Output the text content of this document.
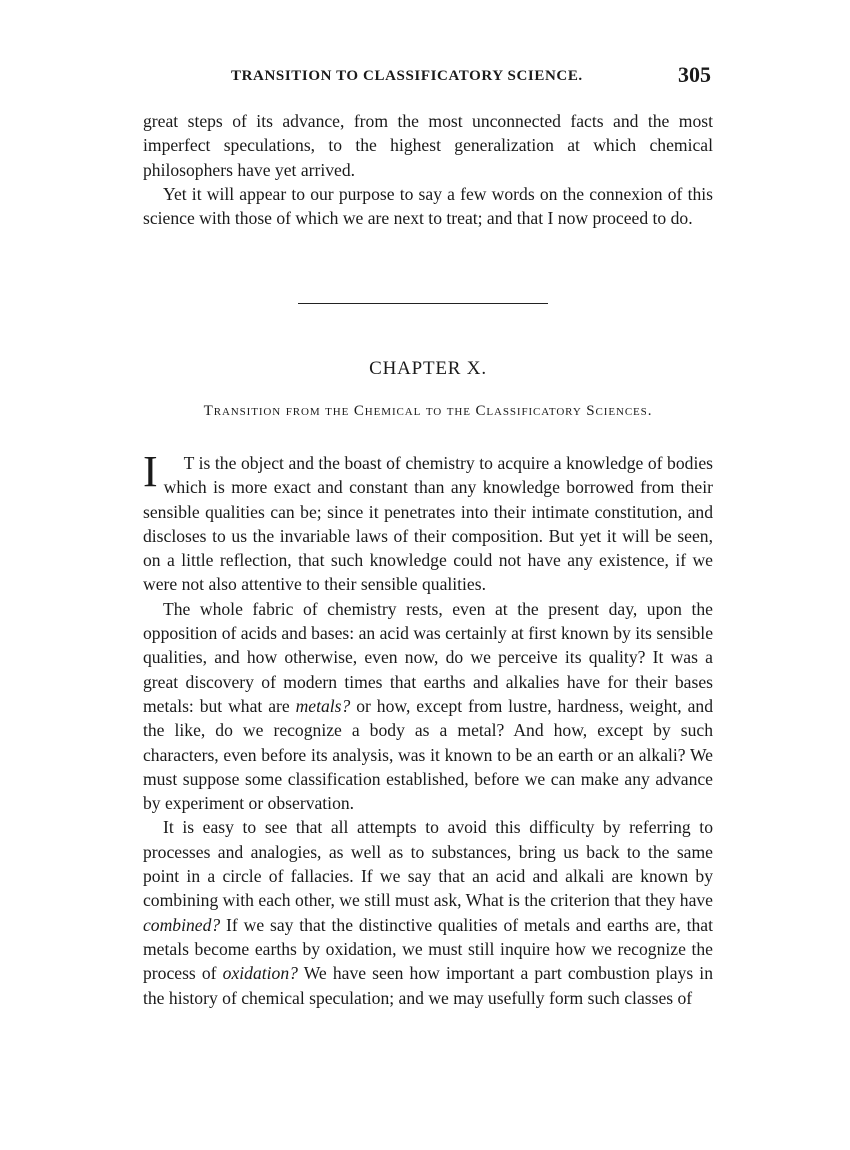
TRANSITION TO CLASSIFICATORY SCIENCE.	305

great steps of its advance, from the most unconnected facts and the most imperfect speculations, to the highest generalization at which chemical philosophers have yet arrived.

Yet it will appear to our purpose to say a few words on the connexion of this science with those of which we are next to treat; and that I now proceed to do.

CHAPTER X.
Transition from the Chemical to the Classificatory Sciences.

I T is the object and the boast of chemistry to acquire a knowledge of bodies which is more exact and constant than any knowledge borrowed from their sensible qualities can be; since it penetrates into their intimate constitution, and discloses to us the invariable laws of their composition. But yet it will be seen, on a little reflection, that such knowledge could not have any existence, if we were not also attentive to their sensible qualities.

The whole fabric of chemistry rests, even at the present day, upon the opposition of acids and bases: an acid was certainly at first known by its sensible qualities, and how otherwise, even now, do we perceive its quality? It was a great discovery of modern times that earths and alkalies have for their bases metals: but what are metals? or how, except from lustre, hardness, weight, and the like, do we recognize a body as a metal? And how, except by such characters, even before its analysis, was it known to be an earth or an alkali? We must suppose some classification established, before we can make any advance by experiment or observation.

It is easy to see that all attempts to avoid this difficulty by referring to processes and analogies, as well as to substances, bring us back to the same point in a circle of fallacies. If we say that an acid and alkali are known by combining with each other, we still must ask, What is the criterion that they have combined? If we say that the distinctive qualities of metals and earths are, that metals become earths by oxidation, we must still inquire how we recognize the process of oxidation? We have seen how important a part combustion plays in the history of chemical speculation; and we may usefully form such classes of
